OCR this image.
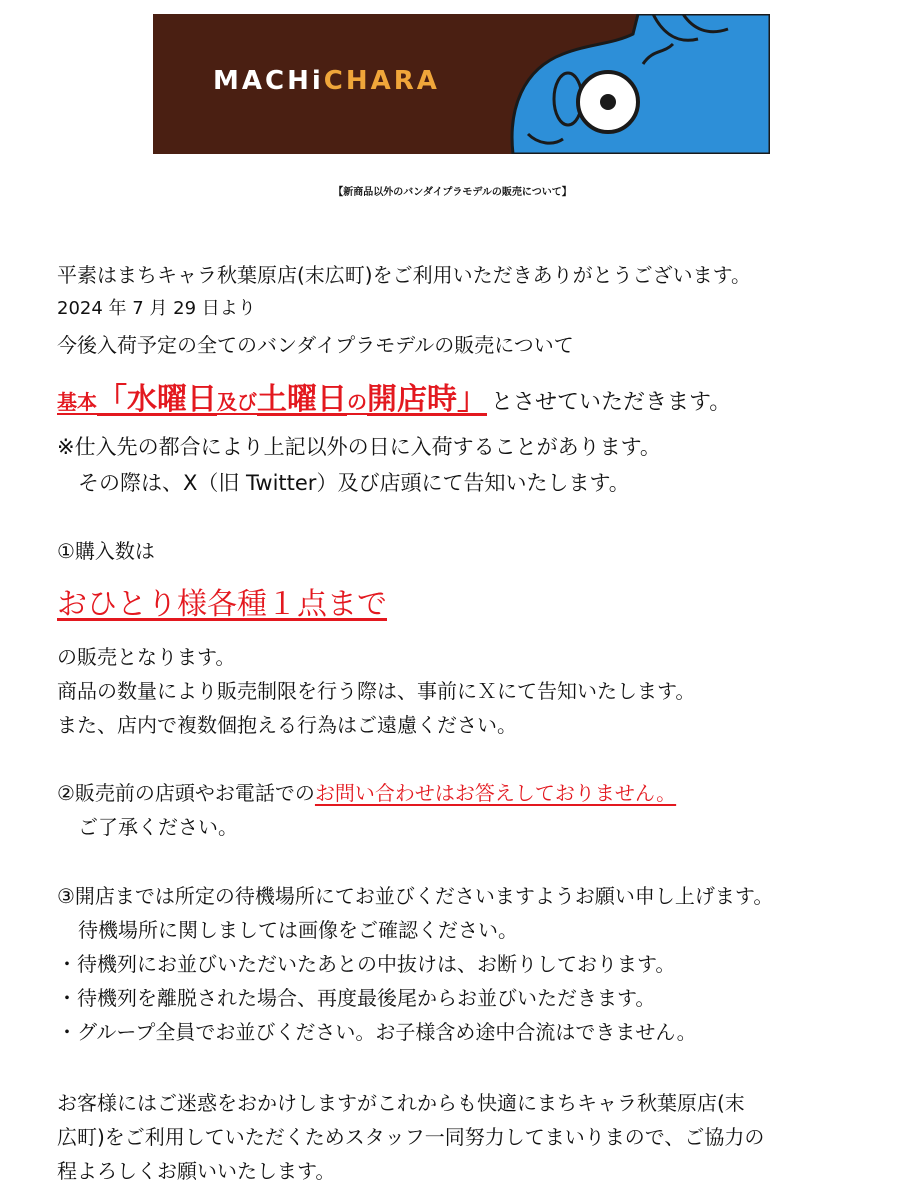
MACHiCHARA
【新商品以外のバンダイプラモデルの販売について】
平素はまちキャラ秋葉原店(末広町)をご利用いただきありがとうございます。
2024 年 7 月 29 日より
今後入荷予定の全てのバンダイプラモデルの販売について
基本「水曜日及び土曜日の開店時」 とさせていただきます。
※仕入先の都合により上記以外の日に入荷することがあります。
その際は、X（旧 Twitter）及び店頭にて告知いたします。
①購入数は
おひとり様各種１点まで
の販売となります。
商品の数量により販売制限を行う際は、事前にＸにて告知いたします。
また、店内で複数個抱える行為はご遠慮ください。
②販売前の店頭やお電話でのお問い合わせはお答えしておりません。
ご了承ください。
③開店までは所定の待機場所にてお並びくださいますようお願い申し上げます。
待機場所に関しましては画像をご確認ください。
・待機列にお並びいただいたあとの中抜けは、お断りしております。
・待機列を離脱された場合、再度最後尾からお並びいただきます。
・グループ全員でお並びください。お子様含め途中合流はできません。
お客様にはご迷惑をおかけしますがこれからも快適にまちキャラ秋葉原店(末
広町)をご利用していただくためスタッフ一同努力してまいりまので、ご協力の
程よろしくお願いいたします。
